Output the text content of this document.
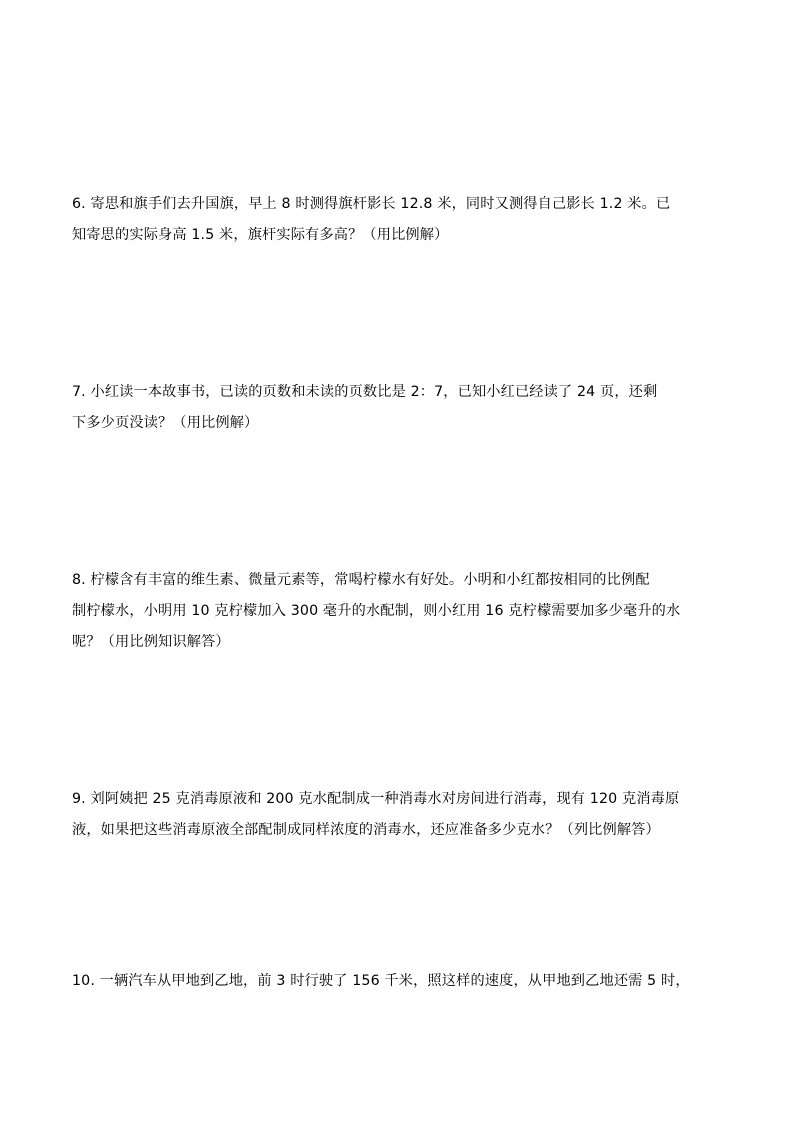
6. 寄思和旗手们去升国旗，早上 8 时测得旗杆影长 12.8 米，同时又测得自己影长 1.2 米。已
知寄思的实际身高 1.5 米，旗杆实际有多高？（用比例解）
7. 小红读一本故事书，已读的页数和未读的页数比是 2：7，已知小红已经读了 24 页，还剩
下多少页没读？（用比例解）
8. 柠檬含有丰富的维生素、微量元素等，常喝柠檬水有好处。小明和小红都按相同的比例配
制柠檬水，小明用 10 克柠檬加入 300 毫升的水配制，则小红用 16 克柠檬需要加多少毫升的水
呢？（用比例知识解答）
9. 刘阿姨把 25 克消毒原液和 200 克水配制成一种消毒水对房间进行消毒，现有 120 克消毒原
液，如果把这些消毒原液全部配制成同样浓度的消毒水，还应准备多少克水？（列比例解答）
10. 一辆汽车从甲地到乙地，前 3 时行驶了 156 千米，照这样的速度，从甲地到乙地还需 5 时，
